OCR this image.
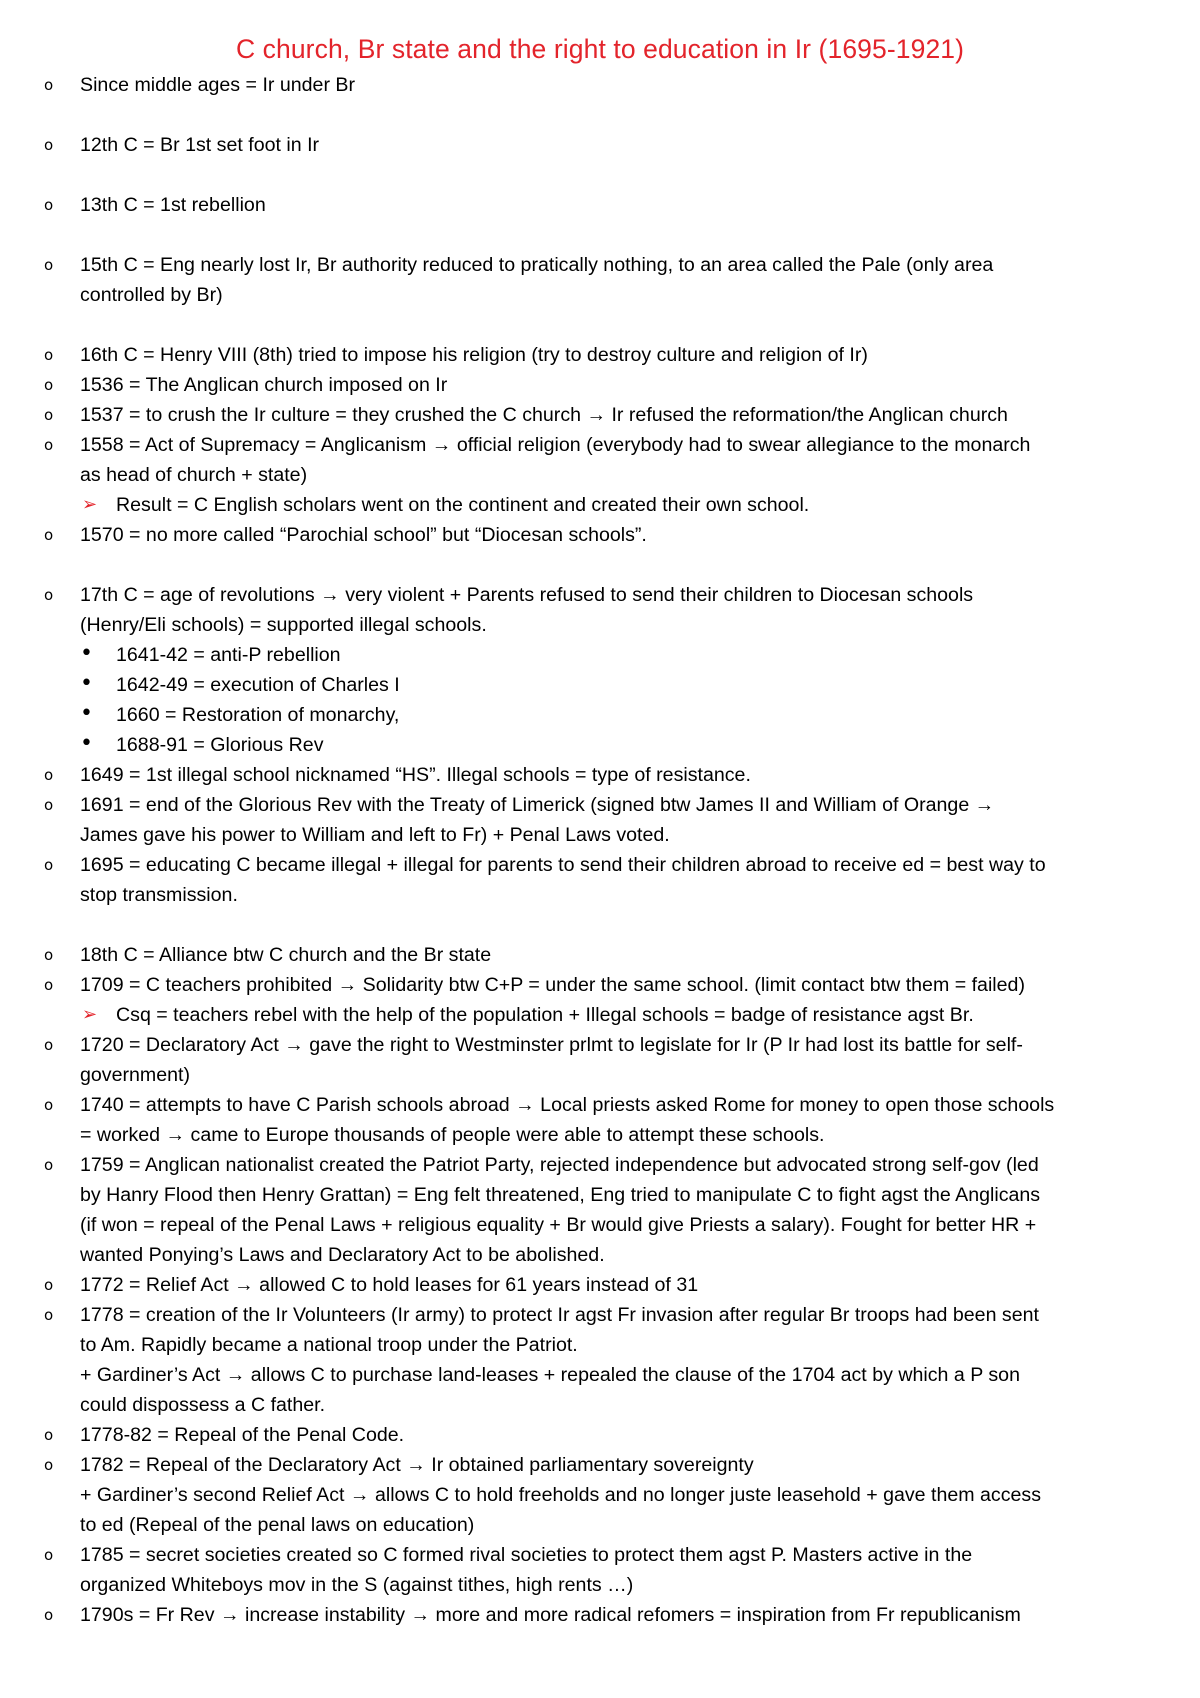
C church, Br state and the right to education in Ir (1695-1921)
o Since middle ages = Ir under Br
o 12th C = Br 1st set foot in Ir
o 13th C = 1st rebellion
o 15th C = Eng nearly lost Ir, Br authority reduced to pratically nothing, to an area called the Pale (only area
controlled by Br)
o 16th C = Henry VIII (8th) tried to impose his religion (try to destroy culture and religion of Ir)
o 1536 = The Anglican church imposed on Ir
o 1537 = to crush the Ir culture = they crushed the C church → Ir refused the reformation/the Anglican church
o 1558 = Act of Supremacy = Anglicanism → official religion (everybody had to swear allegiance to the monarch
as head of church + state)
➢ Result = C English scholars went on the continent and created their own school.
o 1570 = no more called “Parochial school” but “Diocesan schools”.
o 17th C = age of revolutions → very violent + Parents refused to send their children to Diocesan schools
(Henry/Eli schools) = supported illegal schools.
• 1641-42 = anti-P rebellion
• 1642-49 = execution of Charles I
• 1660 = Restoration of monarchy,
• 1688-91 = Glorious Rev
o 1649 = 1st illegal school nicknamed “HS”. Illegal schools = type of resistance.
o 1691 = end of the Glorious Rev with the Treaty of Limerick (signed btw James II and William of Orange →
James gave his power to William and left to Fr) + Penal Laws voted.
o 1695 = educating C became illegal + illegal for parents to send their children abroad to receive ed = best way to
stop transmission.
o 18th C = Alliance btw C church and the Br state
o 1709 = C teachers prohibited → Solidarity btw C+P = under the same school. (limit contact btw them = failed)
➢ Csq = teachers rebel with the help of the population + Illegal schools = badge of resistance agst Br.
o 1720 = Declaratory Act → gave the right to Westminster prlmt to legislate for Ir (P Ir had lost its battle for self-
government)
o 1740 = attempts to have C Parish schools abroad → Local priests asked Rome for money to open those schools
= worked → came to Europe thousands of people were able to attempt these schools.
o 1759 = Anglican nationalist created the Patriot Party, rejected independence but advocated strong self-gov (led
by Hanry Flood then Henry Grattan) = Eng felt threatened, Eng tried to manipulate C to fight agst the Anglicans
(if won = repeal of the Penal Laws + religious equality + Br would give Priests a salary). Fought for better HR +
wanted Ponying’s Laws and Declaratory Act to be abolished.
o 1772 = Relief Act → allowed C to hold leases for 61 years instead of 31
o 1778 = creation of the Ir Volunteers (Ir army) to protect Ir agst Fr invasion after regular Br troops had been sent
to Am. Rapidly became a national troop under the Patriot.
+ Gardiner’s Act → allows C to purchase land-leases + repealed the clause of the 1704 act by which a P son
could dispossess a C father.
o 1778-82 = Repeal of the Penal Code.
o 1782 = Repeal of the Declaratory Act → Ir obtained parliamentary sovereignty
+ Gardiner’s second Relief Act → allows C to hold freeholds and no longer juste leasehold + gave them access
to ed (Repeal of the penal laws on education)
o 1785 = secret societies created so C formed rival societies to protect them agst P. Masters active in the
organized Whiteboys mov in the S (against tithes, high rents …)
o 1790s = Fr Rev → increase instability → more and more radical refomers = inspiration from Fr republicanism
